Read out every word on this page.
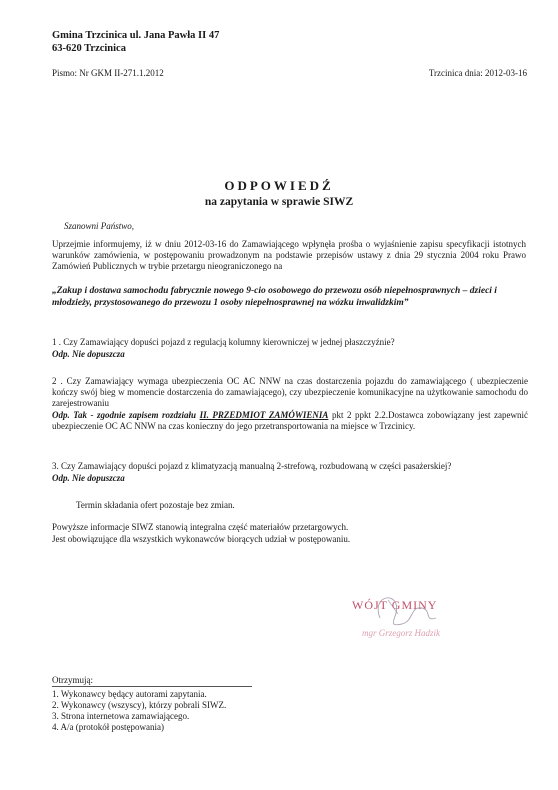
Gmina Trzcinica ul. Jana Pawła II 47
63-620 Trzcinica
Pismo: Nr GKM II-271.1.2012	Trzcinica dnia: 2012-03-16
ODPOWIEDŹ
na zapytania w sprawie SIWZ
Szanowni Państwo,
Uprzejmie informujemy, iż w dniu 2012-03-16 do Zamawiającego wpłynęła prośba o wyjaśnienie zapisu specyfikacji istotnych warunków zamówienia, w postępowaniu prowadzonym na podstawie przepisów ustawy z dnia 29 stycznia 2004 roku Prawo Zamówień Publicznych w trybie przetargu nieograniczonego na
„Zakup i dostawa samochodu fabrycznie nowego 9-cio osobowego do przewozu osób niepełnosprawnych – dzieci i młodzieży, przystosowanego do przewozu 1 osoby niepełnosprawnej na wózku inwalidzkim”
1 . Czy Zamawiający dopuści pojazd z regulacją kolumny kierowniczej w jednej płaszczyźnie?
Odp. Nie dopuszcza
2 . Czy Zamawiający wymaga ubezpieczenia OC AC NNW na czas dostarczenia pojazdu do zamawiającego ( ubezpieczenie kończy swój bieg w momencie dostarczenia do zamawiającego), czy ubezpieczenie komunikacyjne na użytkowanie samochodu do zarejestrowaniu
Odp. Tak - zgodnie zapisem rozdziału II. PRZEDMIOT ZAMÓWIENIA pkt 2 ppkt 2.2.Dostawca zobowiązany jest zapewnić ubezpieczenie OC AC NNW na czas konieczny do jego przetransportowania na miejsce w Trzcinicy.
3. Czy Zamawiający dopuści pojazd z klimatyzacją manualną 2-strefową, rozbudowaną w części pasażerskiej?
Odp. Nie dopuszcza
Termin składania ofert pozostaje bez zmian.
Powyższe informacje SIWZ stanowią integralna część materiałów przetargowych.
Jest obowiązujące dla wszystkich wykonawców biorących udział w postępowaniu.
WÓJT GMINY
mgr Grzegorz Hadzik
Otrzymują:
1. Wykonawcy będący autorami zapytania.
2. Wykonawcy (wszyscy), którzy pobrali SIWZ.
3. Strona internetowa zamawiającego.
4. A/a (protokół postępowania)
